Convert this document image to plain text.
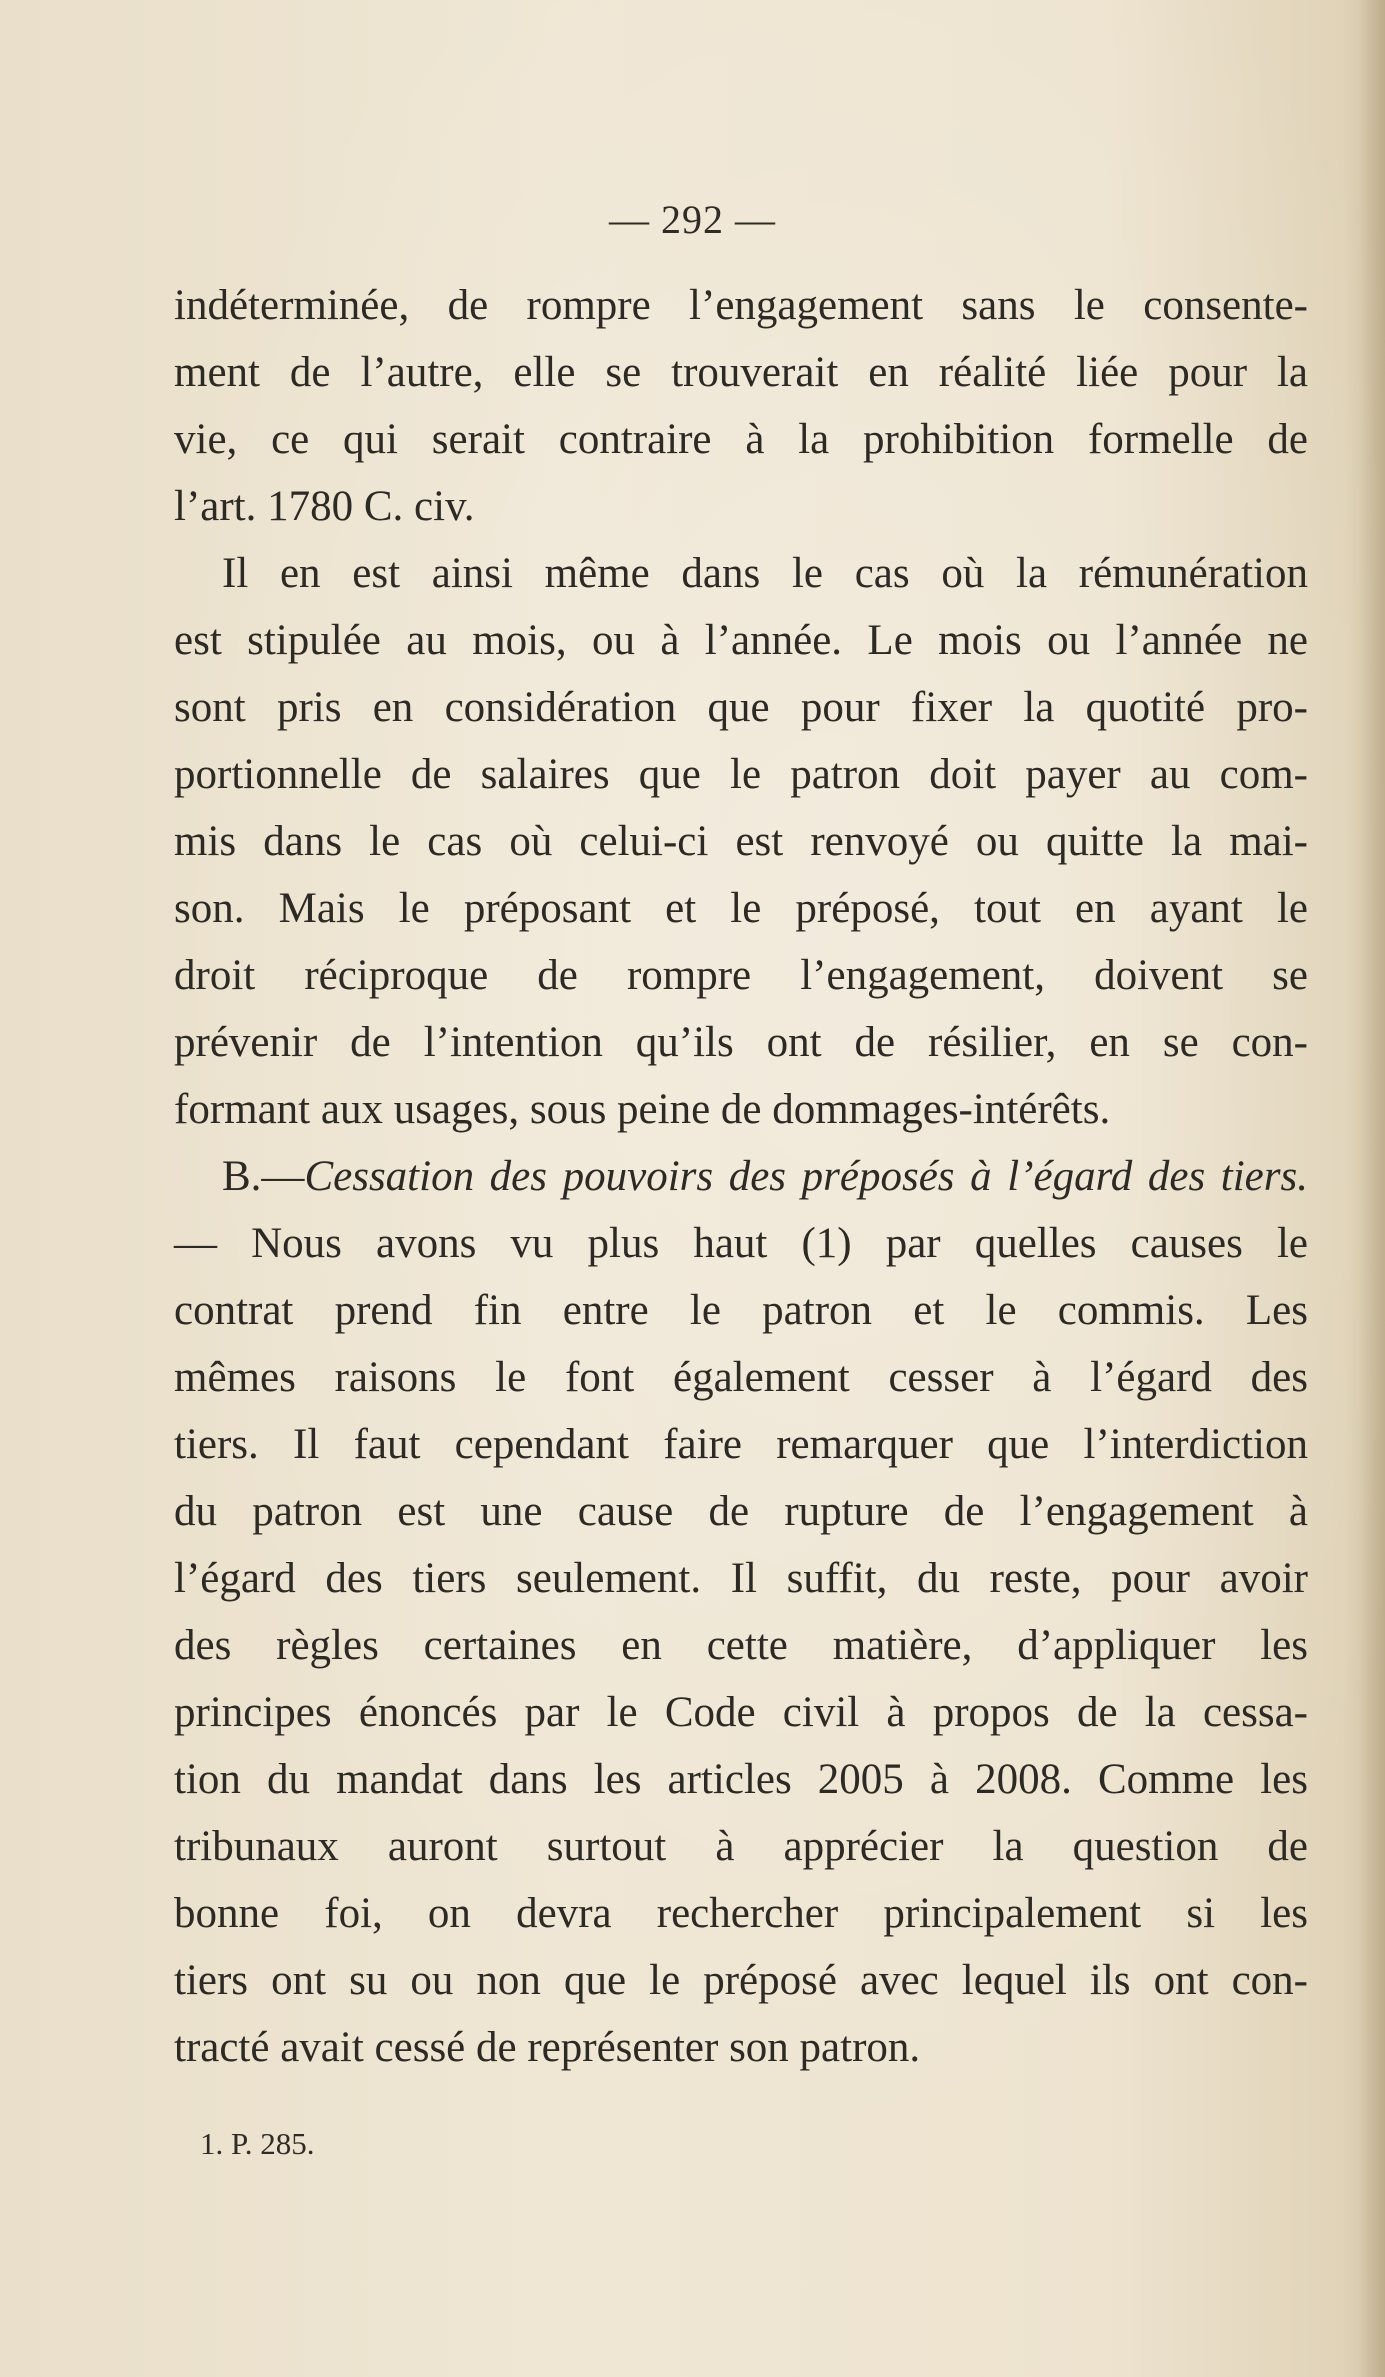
— 292 —
indéterminée, de rompre l’engagement sans le consente-
ment de l’autre, elle se trouverait en réalité liée pour la
vie, ce qui serait contraire à la prohibition formelle de
l’art. 1780 C. civ.
Il en est ainsi même dans le cas où la rémunération
est stipulée au mois, ou à l’année. Le mois ou l’année ne
sont pris en considération que pour fixer la quotité pro-
portionnelle de salaires que le patron doit payer au com-
mis dans le cas où celui-ci est renvoyé ou quitte la mai-
son. Mais le préposant et le préposé, tout en ayant le
droit réciproque de rompre l’engagement, doivent se
prévenir de l’intention qu’ils ont de résilier, en se con-
formant aux usages, sous peine de dommages-intérêts.
B.—Cessation des pouvoirs des préposés à l’égard des tiers.
— Nous avons vu plus haut (1) par quelles causes le
contrat prend fin entre le patron et le commis. Les
mêmes raisons le font également cesser à l’égard des
tiers. Il faut cependant faire remarquer que l’interdiction
du patron est une cause de rupture de l’engagement à
l’égard des tiers seulement. Il suffit, du reste, pour avoir
des règles certaines en cette matière, d’appliquer les
principes énoncés par le Code civil à propos de la cessa-
tion du mandat dans les articles 2005 à 2008. Comme les
tribunaux auront surtout à apprécier la question de
bonne foi, on devra rechercher principalement si les
tiers ont su ou non que le préposé avec lequel ils ont con-
tracté avait cessé de représenter son patron.
1. P. 285.
